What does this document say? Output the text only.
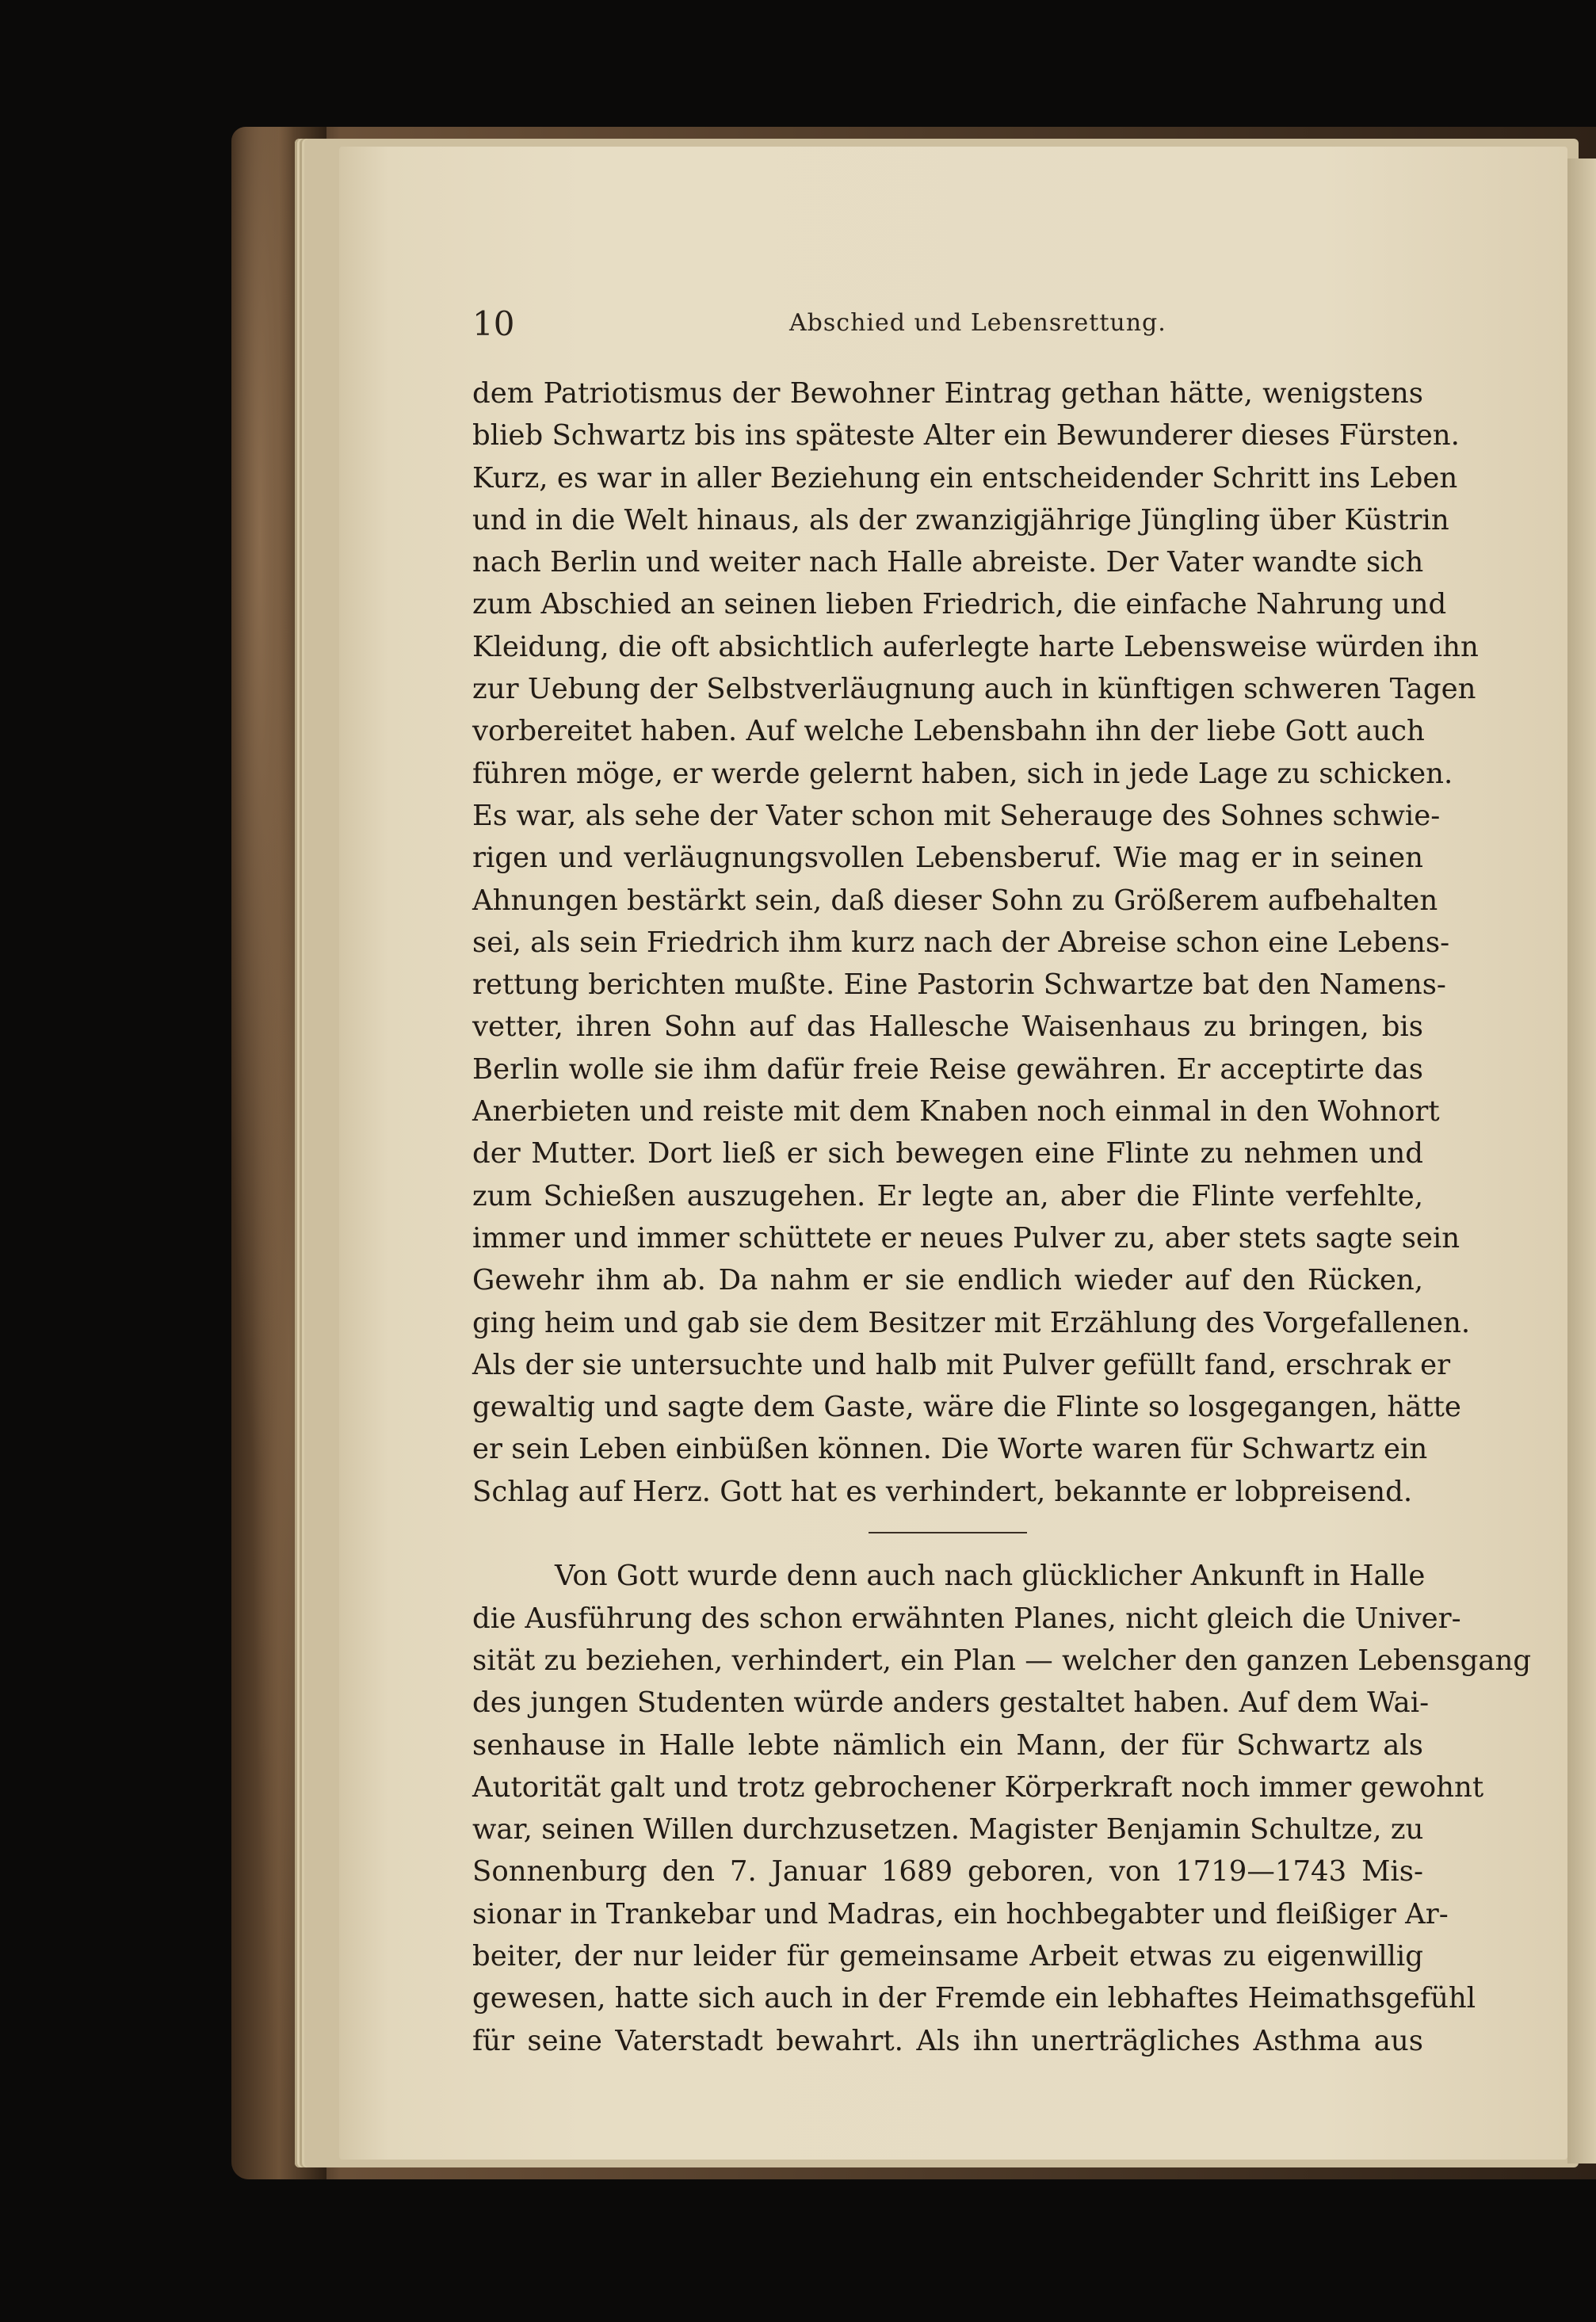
10	Abschied und Lebensrettung.
dem Patriotismus der Bewohner Eintrag gethan hätte, wenigstens
blieb Schwartz bis ins späteste Alter ein Bewunderer dieses Fürsten.
Kurz, es war in aller Beziehung ein entscheidender Schritt ins Leben
und in die Welt hinaus, als der zwanzigjährige Jüngling über Küstrin
nach Berlin und weiter nach Halle abreiste. Der Vater wandte sich
zum Abschied an seinen lieben Friedrich, die einfache Nahrung und
Kleidung, die oft absichtlich auferlegte harte Lebensweise würden ihn
zur Uebung der Selbstverläugnung auch in künftigen schweren Tagen
vorbereitet haben. Auf welche Lebensbahn ihn der liebe Gott auch
führen möge, er werde gelernt haben, sich in jede Lage zu schicken.
Es war, als sehe der Vater schon mit Seherauge des Sohnes schwie-
rigen und verläugnungsvollen Lebensberuf. Wie mag er in seinen
Ahnungen bestärkt sein, daß dieser Sohn zu Größerem aufbehalten
sei, als sein Friedrich ihm kurz nach der Abreise schon eine Lebens-
rettung berichten mußte. Eine Pastorin Schwartze bat den Namens-
vetter, ihren Sohn auf das Hallesche Waisenhaus zu bringen, bis
Berlin wolle sie ihm dafür freie Reise gewähren. Er acceptirte das
Anerbieten und reiste mit dem Knaben noch einmal in den Wohnort
der Mutter. Dort ließ er sich bewegen eine Flinte zu nehmen und
zum Schießen auszugehen. Er legte an, aber die Flinte verfehlte,
immer und immer schüttete er neues Pulver zu, aber stets sagte sein
Gewehr ihm ab. Da nahm er sie endlich wieder auf den Rücken,
ging heim und gab sie dem Besitzer mit Erzählung des Vorgefallenen.
Als der sie untersuchte und halb mit Pulver gefüllt fand, erschrak er
gewaltig und sagte dem Gaste, wäre die Flinte so losgegangen, hätte
er sein Leben einbüßen können. Die Worte waren für Schwartz ein
Schlag auf Herz. Gott hat es verhindert, bekannte er lobpreisend.
Von Gott wurde denn auch nach glücklicher Ankunft in Halle
die Ausführung des schon erwähnten Planes, nicht gleich die Univer-
sität zu beziehen, verhindert, ein Plan — welcher den ganzen Lebensgang
des jungen Studenten würde anders gestaltet haben. Auf dem Wai-
senhause in Halle lebte nämlich ein Mann, der für Schwartz als
Autorität galt und trotz gebrochener Körperkraft noch immer gewohnt
war, seinen Willen durchzusetzen. Magister Benjamin Schultze, zu
Sonnenburg den 7. Januar 1689 geboren, von 1719—1743 Mis-
sionar in Trankebar und Madras, ein hochbegabter und fleißiger Ar-
beiter, der nur leider für gemeinsame Arbeit etwas zu eigenwillig
gewesen, hatte sich auch in der Fremde ein lebhaftes Heimathsgefühl
für seine Vaterstadt bewahrt. Als ihn unerträgliches Asthma aus
